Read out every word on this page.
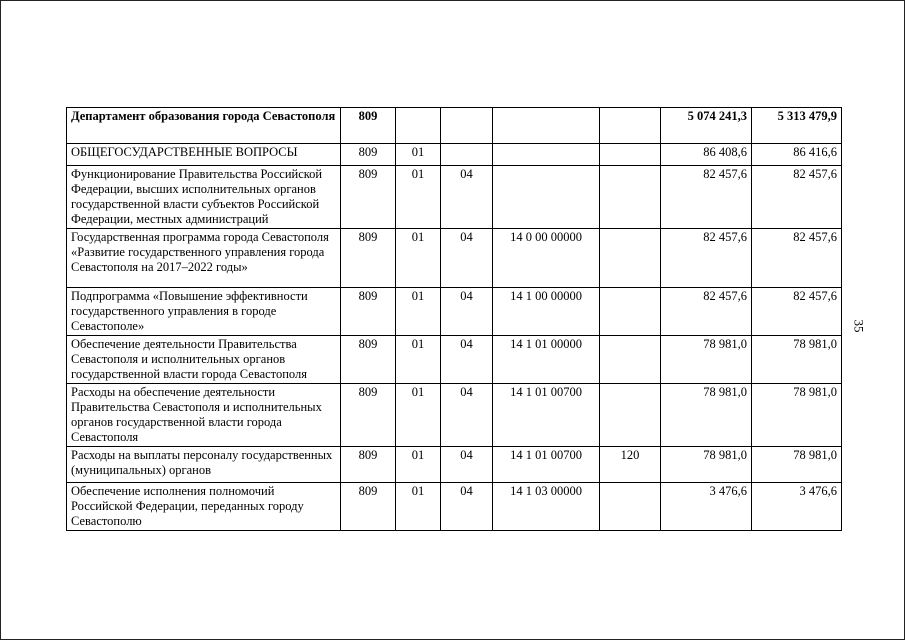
Департамент образования города Севастополя	809					5 074 241,3	5 313 479,9
ОБЩЕГОСУДАРСТВЕННЫЕ ВОПРОСЫ	809	01				86 408,6	86 416,6
Функционирование Правительства Российской Федерации, высших исполнительных органов государственной власти субъектов Российской Федерации, местных администраций	809	01	04			82 457,6	82 457,6
Государственная программа города Севастополя «Развитие государственного управления города Севастополя на 2017–2022 годы»	809	01	04	14 0 00 00000		82 457,6	82 457,6
Подпрограмма «Повышение эффективности государственного управления в городе Севастополе»	809	01	04	14 1 00 00000		82 457,6	82 457,6
Обеспечение деятельности Правительства Севастополя и исполнительных органов государственной власти города Севастополя	809	01	04	14 1 01 00000		78 981,0	78 981,0
Расходы на обеспечение деятельности Правительства Севастополя и исполнительных органов государственной власти города Севастополя	809	01	04	14 1 01 00700		78 981,0	78 981,0
Расходы на выплаты персоналу государственных (муниципальных) органов	809	01	04	14 1 01 00700	120	78 981,0	78 981,0
Обеспечение исполнения полномочий Российской Федерации, переданных городу Севастополю	809	01	04	14 1 03 00000		3 476,6	3 476,6
35
